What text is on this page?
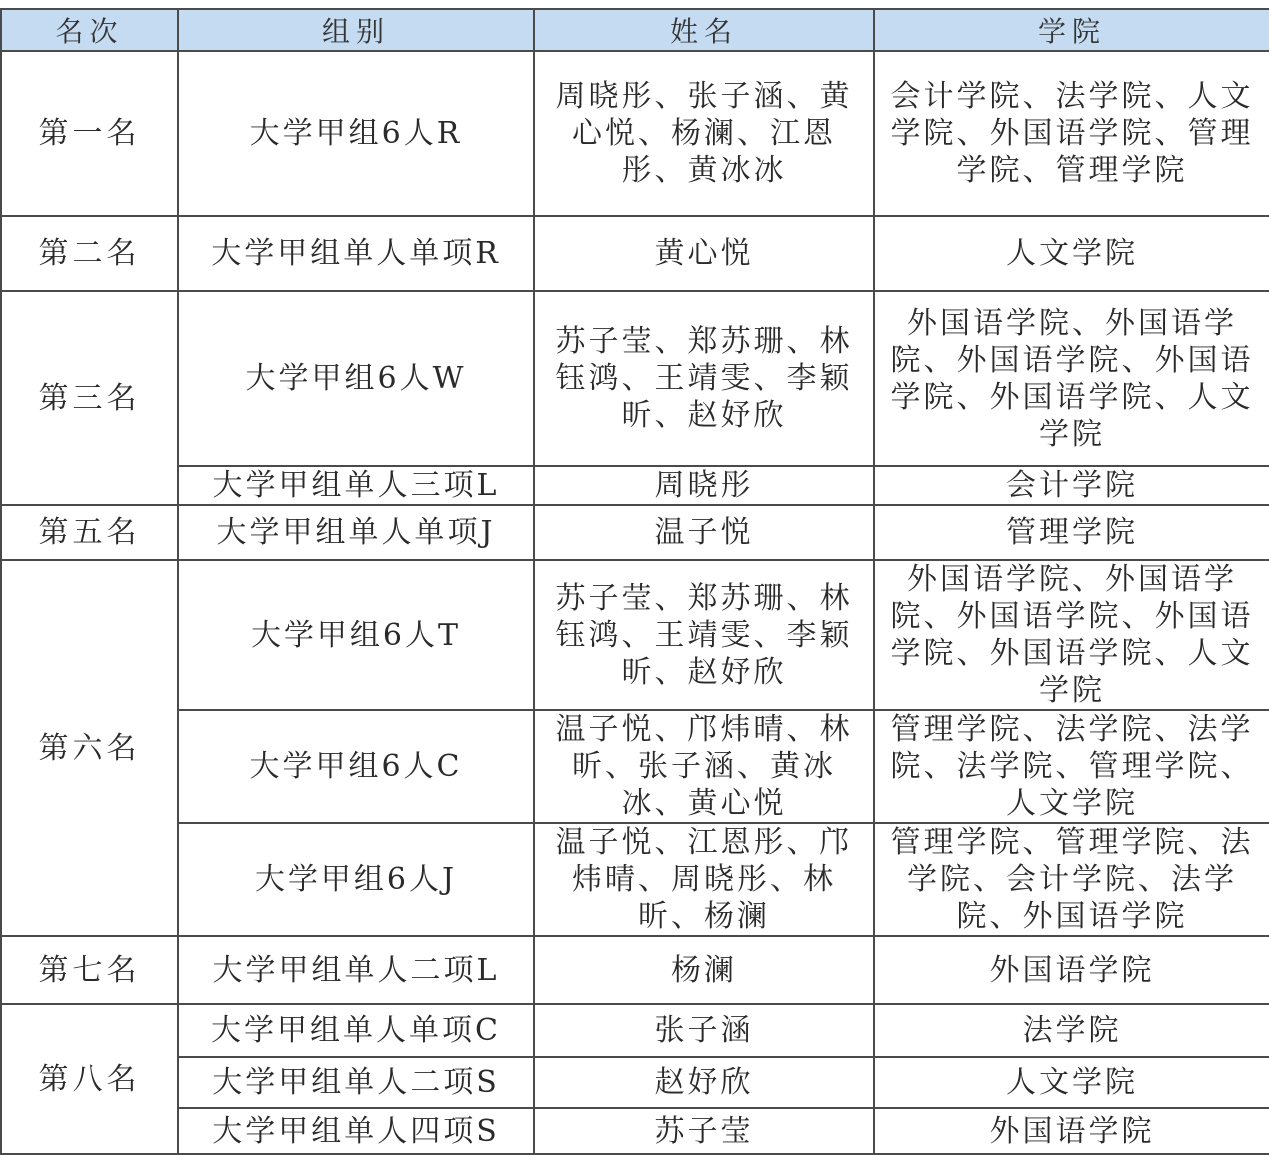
名次	组别	姓名	学院
第一名	大学甲组6人R	周晓彤、张子涵、黄心悦、杨澜、江恩彤、黄冰冰	会计学院、法学院、人文学院、外国语学院、管理学院、管理学院
第二名	大学甲组单人单项R	黄心悦	人文学院
第三名	大学甲组6人W	苏子莹、郑苏珊、林钰鸿、王靖雯、李颖昕、赵妤欣	外国语学院、外国语学院、外国语学院、外国语学院、外国语学院、人文学院
	大学甲组单人三项L	周晓彤	会计学院
第五名	大学甲组单人单项J	温子悦	管理学院
第六名	大学甲组6人T	苏子莹、郑苏珊、林钰鸿、王靖雯、李颖昕、赵妤欣	外国语学院、外国语学院、外国语学院、外国语学院、外国语学院、人文学院
	大学甲组6人C	温子悦、邝炜晴、林昕、张子涵、黄冰冰、黄心悦	管理学院、法学院、法学院、法学院、管理学院、人文学院
	大学甲组6人J	温子悦、江恩彤、邝炜晴、周晓彤、林昕、杨澜	管理学院、管理学院、法学院、会计学院、法学院、外国语学院
第七名	大学甲组单人二项L	杨澜	外国语学院
第八名	大学甲组单人单项C	张子涵	法学院
	大学甲组单人二项S	赵妤欣	人文学院
	大学甲组单人四项S	苏子莹	外国语学院
